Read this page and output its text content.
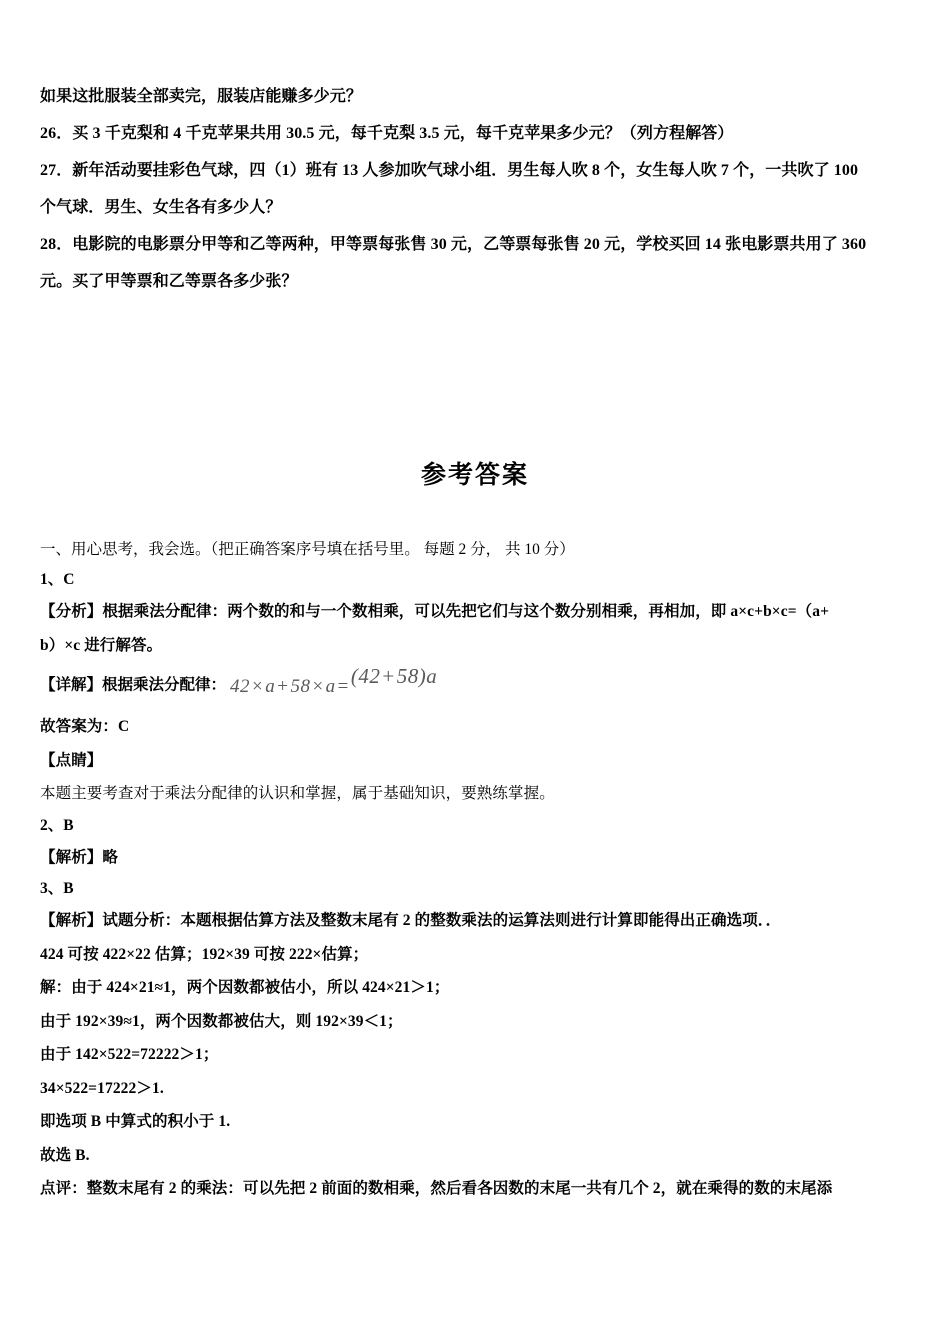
如果这批服装全部卖完，服装店能赚多少元？
26．买 3 千克梨和 4 千克苹果共用 30.5 元，每千克梨 3.5 元，每千克苹果多少元？（列方程解答）
27．新年活动要挂彩色气球，四（1）班有 13 人参加吹气球小组．男生每人吹 8 个，女生每人吹 7 个，一共吹了 100
个气球．男生、女生各有多少人？
28．电影院的电影票分甲等和乙等两种，甲等票每张售 30 元，乙等票每张售 20 元，学校买回 14 张电影票共用了 360
元。买了甲等票和乙等票各多少张？
参考答案
一、用心思考，我会选。（把正确答案序号填在括号里。 每题 2 分， 共 10 分）
1、C
【分析】根据乘法分配律：两个数的和与一个数相乘，可以先把它们与这个数分别相乘，再相加，即 a×c+b×c=（a+
b）×c 进行解答。
【详解】根据乘法分配律： 42 × a + 58 × a =(42+58)a
故答案为：C
【点睛】
本题主要考查对于乘法分配律的认识和掌握，属于基础知识，要熟练掌握。
2、B
【解析】略
3、B
【解析】试题分析：本题根据估算方法及整数末尾有 2 的整数乘法的运算法则进行计算即能得出正确选项．．
424 可按 422×22 估算；192×39 可按 222×估算；
解：由于 424×21≈1，两个因数都被估小，所以 424×21＞1；
由于 192×39≈1，两个因数都被估大，则 192×39＜1；
由于 142×522=72222＞1；
34×522=17222＞1.
即选项 B 中算式的积小于 1.
故选 B.
点评：整数末尾有 2 的乘法：可以先把 2 前面的数相乘，然后看各因数的末尾一共有几个 2，就在乘得的数的末尾添
